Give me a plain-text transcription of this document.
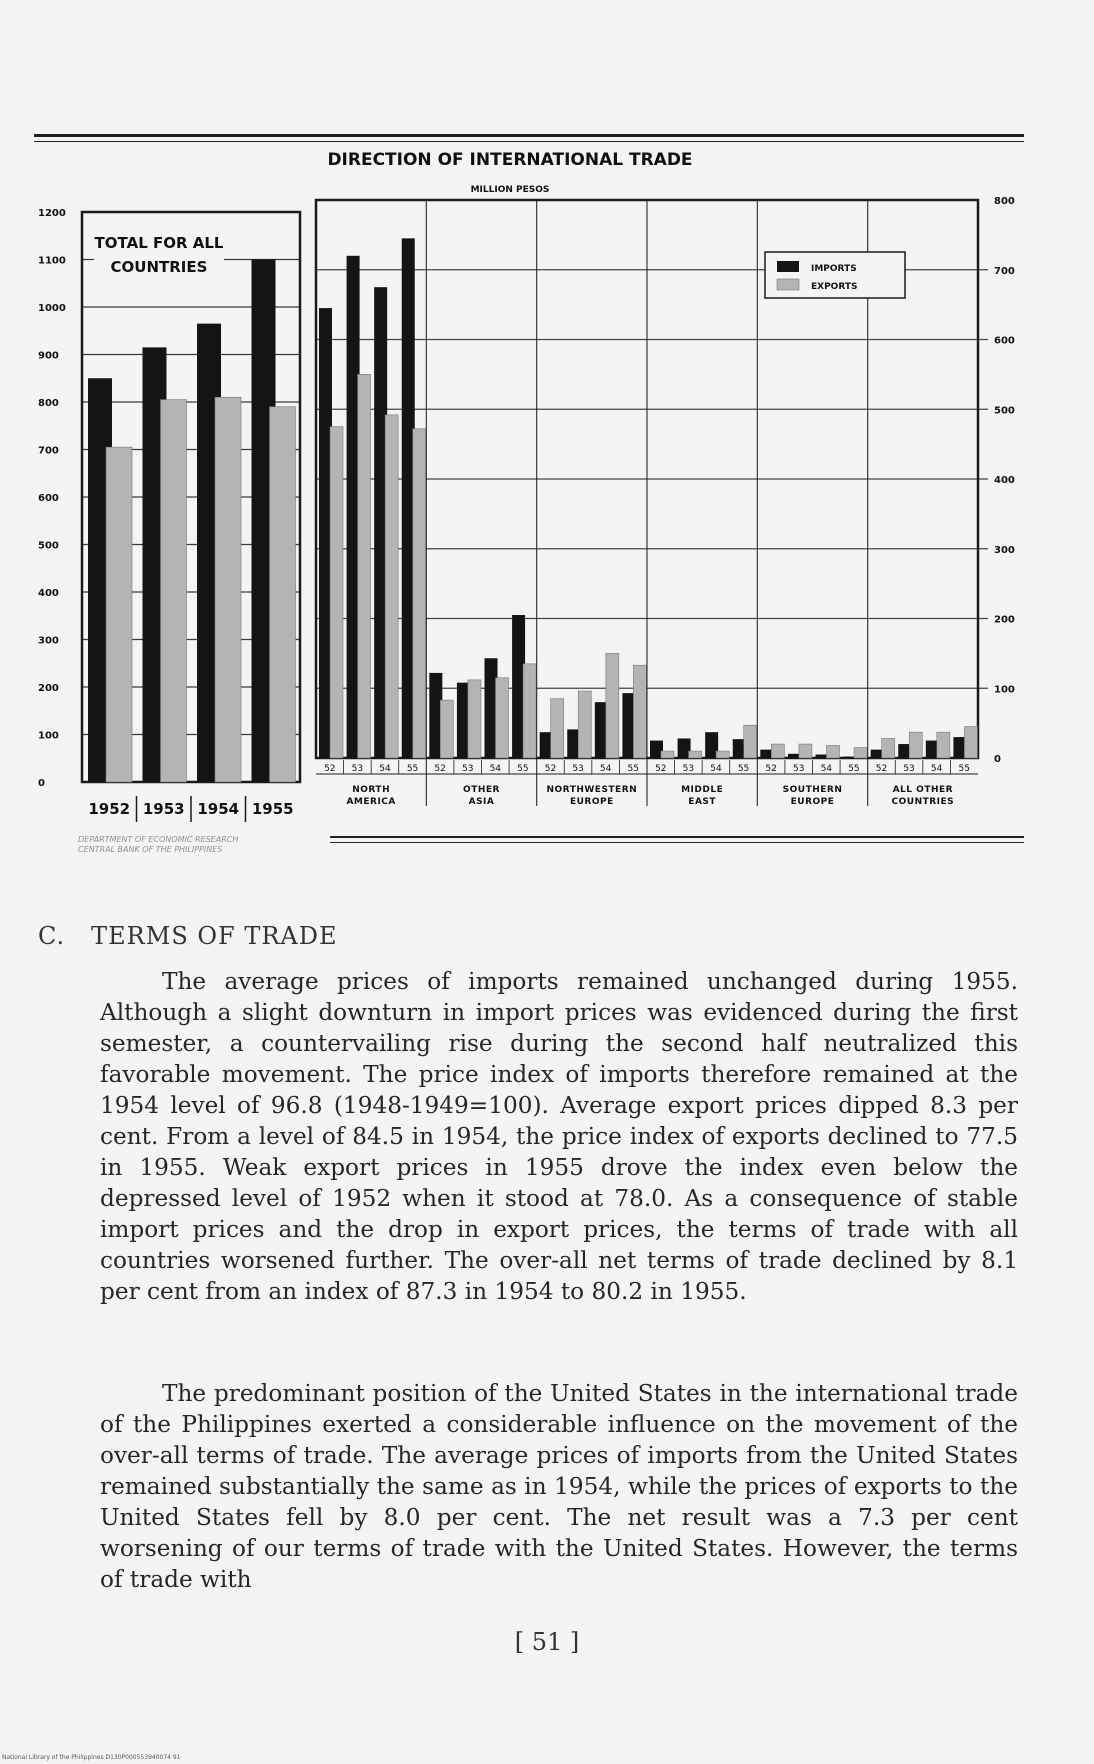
DIRECTION OF INTERNATIONAL TRADE
MILLION PESOS
0
100
200
300
400
500
600
700
800
900
1000
1100
1200
TOTAL FOR ALL
COUNTRIES
1952 1953 1954 1955
0
100
200
300
400
500
600
700
800
52 53 54 55
NORTH
AMERICA
52 53 54 55
OTHER
ASIA
52 53 54 55
NORTHWESTERN
EUROPE
52 53 54 55
MIDDLE
EAST
52 53 54 55
SOUTHERN
EUROPE
52 53 54 55
ALL OTHER
COUNTRIES
IMPORTS
EXPORTS
DEPARTMENT OF ECONOMIC RESEARCH
CENTRAL BANK OF THE PHILIPPINES
C. TERMS OF TRADE

The average prices of imports remained unchanged during 1955. Although a slight downturn in import prices was evidenced during the first semester, a countervailing rise during the second half neutralized this favorable movement. The price index of imports therefore remained at the 1954 level of 96.8 (1948-1949=100). Average export prices dipped 8.3 per cent. From a level of 84.5 in 1954, the price index of exports declined to 77.5 in 1955. Weak export prices in 1955 drove the index even below the depressed level of 1952 when it stood at 78.0. As a consequence of stable import prices and the drop in export prices, the terms of trade with all countries worsened further. The over-all net terms of trade declined by 8.1 per cent from an index of 87.3 in 1954 to 80.2 in 1955.

The predominant position of the United States in the international trade of the Philippines exerted a considerable influence on the movement of the over-all terms of trade. The average prices of imports from the United States remained substantially the same as in 1954, while the prices of exports to the United States fell by 8.0 per cent. The net result was a 7.3 per cent worsening of our terms of trade with the United States. However, the terms of trade with

[ 51 ]
National Library of the Philippines D130P000553940074 91
